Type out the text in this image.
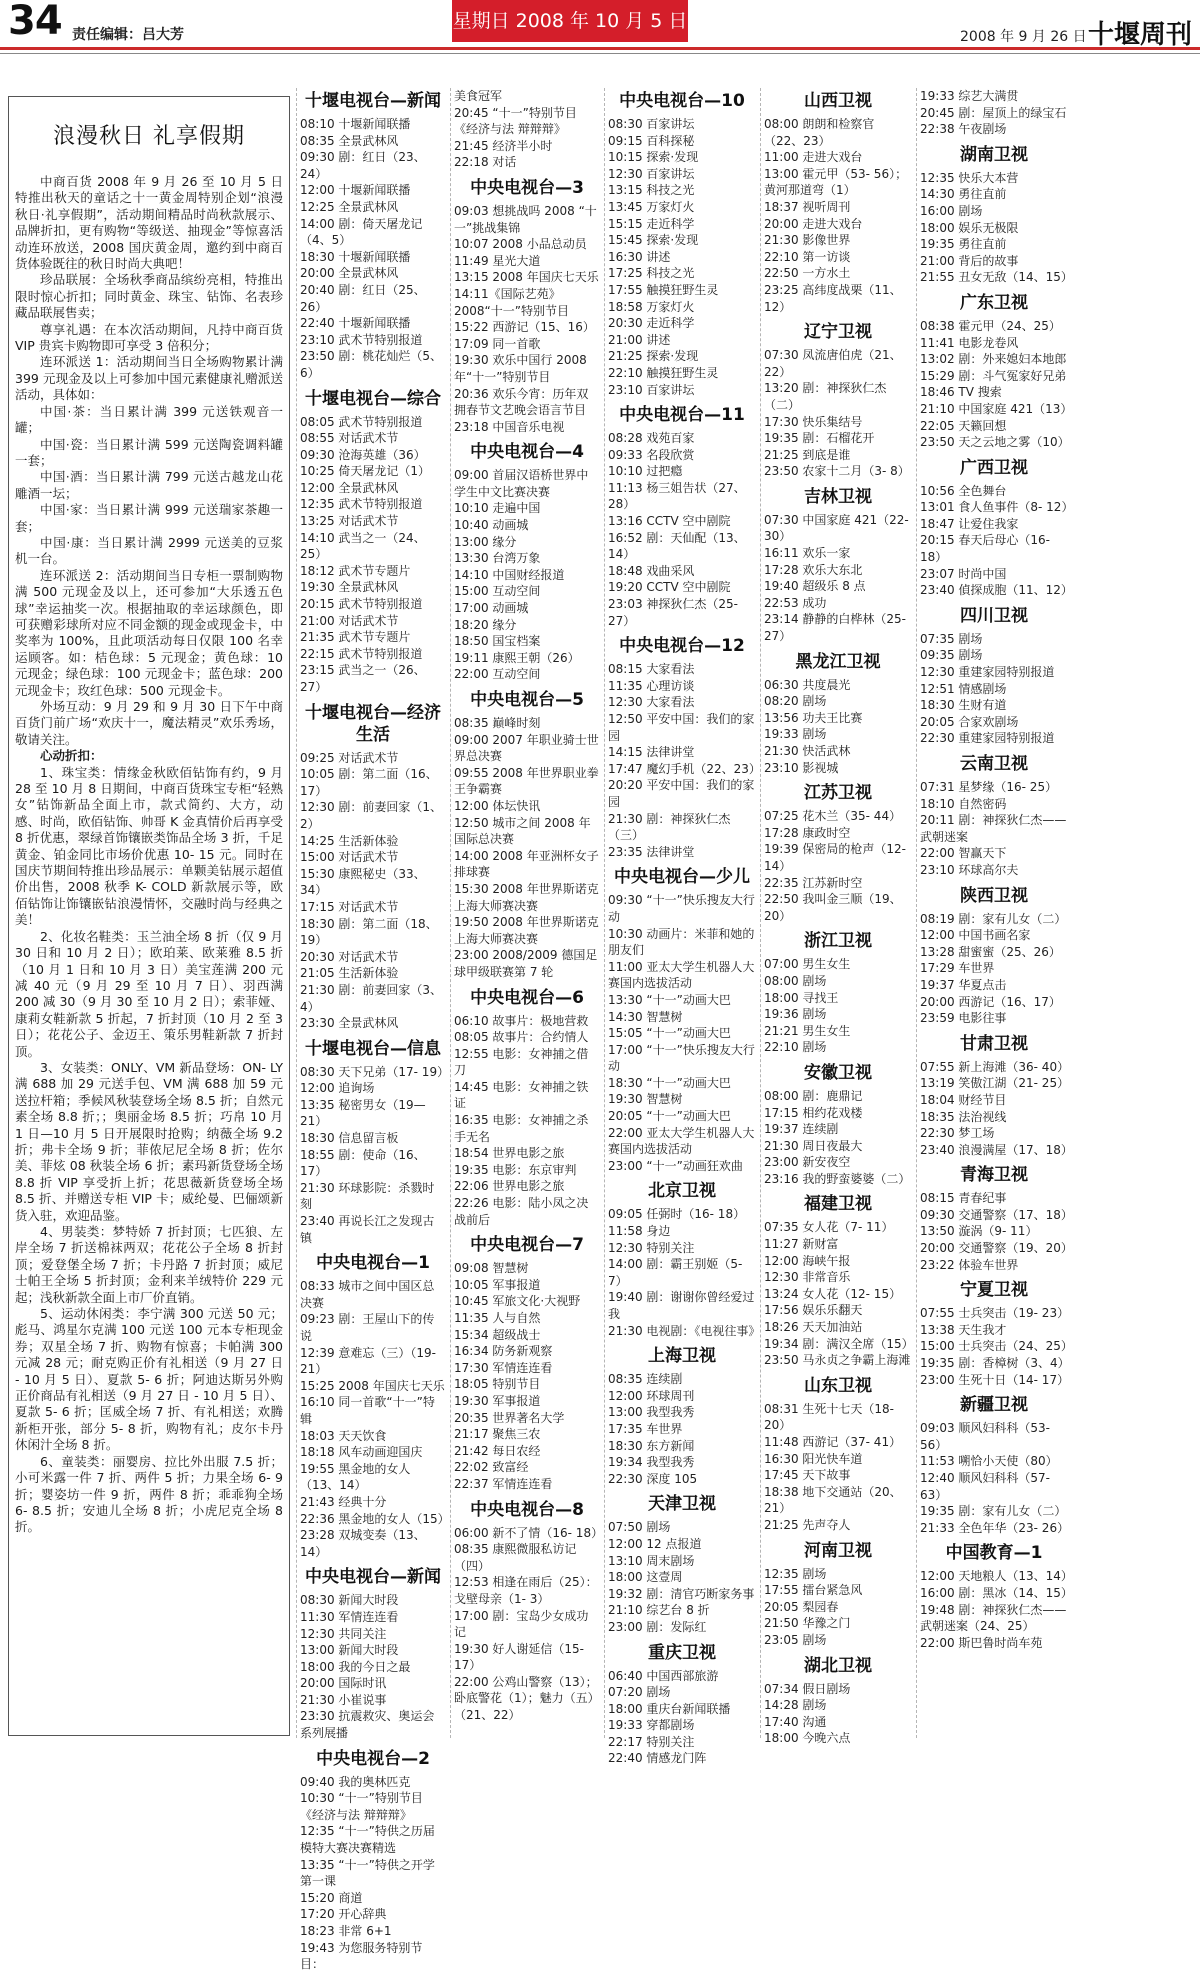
34 责任编辑：吕大芳
星期日 2008 年 10 月 5 日
2008 年 9 月 26 日 十堰周刊
浪漫秋日 礼享假期

中商百货 2008 年 9 月 26 至 10 月 5 日特推出秋天的童话之十一黄金周特别企划“浪漫秋日·礼享假期”，活动期间精品时尚秋款展示、品牌折扣，更有购物“等级送、抽现金”等惊喜活动连环放送，2008 国庆黄金周，邀约到中商百货体验既往的秋日时尚大典吧！

珍品联展：全场秋季商品缤纷亮相，特推出限时惊心折扣；同时黄金、珠宝、钻饰、名表珍藏品联展售卖；

尊享礼遇：在本次活动期间，凡持中商百货 VIP 贵宾卡购物即可享受 3 倍积分；

连环派送 1：活动期间当日全场购物累计满 399 元现金及以上可参加中国元素健康礼赠派送活动，具体如：

中国·茶：当日累计满 399 元送铁观音一罐；

中国·瓷：当日累计满 599 元送陶瓷调料罐一套；

中国·酒：当日累计满 799 元送古越龙山花雕酒一坛；

中国·家：当日累计满 999 元送瑞家茶趣一套；

中国·康：当日累计满 2999 元送美的豆浆机一台。

连环派送 2：活动期间当日专柜一票制购物满 500 元现金及以上，还可参加“大乐透五色球”幸运抽奖一次。根据抽取的幸运球颜色，即可获赠彩球所对应不同金额的现金或现金卡，中奖率为 100%，且此项活动每日仅限 100 名幸运顾客。如：桔色球：5 元现金；黄色球：10 元现金；绿色球：100 元现金卡；蓝色球：200 元现金卡；玫红色球：500 元现金卡。

外场互动：9 月 29 和 9 月 30 日下午中商百货门前广场“欢庆十一，魔法精灵”欢乐秀场，敬请关注。

心动折扣：

1、珠宝类：情缘金秋欧佰钻饰有约，9 月 28 至 10 月 8 日期间，中商百货珠宝专柜“轻熟女”钻饰新品全面上市，款式简约、大方，动感、时尚，欧佰钻饰、帅哥 K 金真情价后再享受 8 折优惠，翠绿首饰镶嵌类饰品全场 3 折，千足黄金、铂金同比市场价优惠 10- 15 元。同时在国庆节期间特推出珍品展示：单颗美钻展示超值价出售，2008 秋季 K- COLD 新款展示等，欧佰钻饰让饰镶嵌钻浪漫情怀，交融时尚与经典之美！

2、化妆名鞋类：玉兰油全场 8 折（仅 9 月 30 日和 10 月 2 日）；欧珀莱、欧莱雅 8.5 折（10 月 1 日和 10 月 3 日）美宝莲满 200 元减 40 元（9 月 29 至 10 月 7 日）、羽西满 200 减 30（9 月 30 至 10 月 2 日）；索菲娅、康莉女鞋新款 5 折起，7 折封顶（10 月 2 至 3 日）；花花公子、金迈王、策乐男鞋新款 7 折封顶。

3、女装类：ONLY、VM 新品登场：ON- LY 满 688 加 29 元送手包、VM 满 688 加 59 元送拉杆箱；季候风秋装登场全场 8.5 折；自然元素全场 8.8 折；；奥丽金场 8.5 折；巧帛 10 月 1 日—10 月 5 日开展限时抢购；纳薇全场 9.2 折；弗卡全场 9 折；菲侬尼尼全场 8 折；佐尔美、菲炫 08 秋装全场 6 折；素玛新货登场全场 8.8 折 VIP 享受折上折；花思薇新货登场全场 8.5 折、并赠送专柜 VIP 卡；威纶曼、巴俪颂新货入驻，欢迎品鉴。

4、男装类：梦特娇 7 折封顶；七匹狼、左岸全场 7 折送棉袜两双；花花公子全场 8 折封顶；爱登堡全场 7 折；卡丹路 7 折封顶；威尼士帕王全场 5 折封顶；金利来羊绒特价 229 元起；浅秋新款全面上市厂价直销。

5、运动休闲类：李宁满 300 元送 50 元；彪马、鸿星尔克满 100 元送 100 元本专柜现金券；双星全场 7 折、购物有惊喜；卡帕满 300 元减 28 元；耐克购正价有礼相送（9 月 27 日 - 10 月 5 日）、夏款 5- 6 折；阿迪达斯另外购正价商品有礼相送（9 月 27 日 - 10 月 5 日）、夏款 5- 6 折；匡威全场 7 折、有礼相送；欢腾新柜开张，部分 5- 8 折，购物有礼；皮尔卡丹休闲汁全场 8 折。

6、童装类：丽婴房、拉比外出服 7.5 折；小可米露一件 7 折、两件 5 折；力果全场 6- 9 折；婴姿坊一件 9 折，两件 8 折；乖乖狗全场 6- 8.5 折；安迪儿全场 8 折；小虎尼克全场 8 折。

十堰电视台—新闻
08:10 十堰新闻联播
08:35 全景武林风
09:30 剧：红日（23、24）
12:00 十堰新闻联播
12:25 全景武林风
14:00 剧：倚天屠龙记（4、5）
18:30 十堰新闻联播
20:00 全景武林风
20:40 剧：红日（25、26）
22:40 十堰新闻联播
23:10 武术节特别报道
23:50 剧：桃花灿烂（5、6）
十堰电视台—综合
08:05 武术节特别报道
08:55 对话武术节
09:30 沧海英雄（36）
10:25 倚天屠龙记（1）
12:00 全景武林风
12:35 武术节特别报道
13:25 对话武术节
14:10 武当之一（24、25）
18:12 武术节专题片
19:30 全景武林风
20:15 武术节特别报道
21:00 对话武术节
21:35 武术节专题片
22:15 武术节特别报道
23:15 武当之一（26、27）
十堰电视台—经济生活
09:25 对话武术节
10:05 剧：第二面（16、17）
12:30 剧：前妻回家（1、2）
14:25 生活新体验
15:00 对话武术节
15:30 康熙秘史（33、34）
17:15 对话武术节
18:30 剧：第二面（18、19）
20:30 对话武术节
21:05 生活新体验
21:30 剧：前妻回家（3、4）
23:30 全景武林风
十堰电视台—信息
08:30 天下兄弟（17- 19）
12:00 追询场
13:35 秘密男女（19—21）
18:30 信息留言板
18:55 剧：使命（16、17）
21:30 环球影院：杀戮时刻
23:40 再说长江之发现古镇
中央电视台—1
08:33 城市之间中国区总决赛
09:23 剧：王屋山下的传说
12:39 意难忘（三）（19- 21）
15:25 2008 年国庆七天乐
16:10 同一首歌“十一”特辑
18:03 天天饮食
18:18 风车动画迎国庆
19:55 黑金地的女人（13、14）
21:43 经典十分
22:36 黑金地的女人（15）
23:28 双城变奏（13、14）
中央电视台—新闻
08:30 新闻大时段
11:30 军情连连看
12:30 共同关注
13:00 新闻大时段
18:00 我的今日之最
20:00 国际时讯
21:30 小崔说事
23:30 抗震救灾、奥运会系列展播
中央电视台—2
09:40 我的奥林匹克
10:30 “十一”特别节目《经济与法 辩辩辩》
12:35 “十一”特供之历届模特大赛决赛精选
13:35 “十一”特供之开学第一课
15:20 商道
17:20 开心辞典
18:23 非常 6+1
19:43 为您服务特别节目：
美食冠军
20:45 “十一”特别节目《经济与法 辩辩辩》
21:45 经济半小时
22:18 对话
中央电视台—3
09:03 想挑战吗 2008 “十一”挑战集锦
10:07 2008 小品总动员
11:49 星光大道
13:15 2008 年国庆七天乐
14:11《国际艺苑》2008“十一”特别节目
15:22 西游记（15、16）
17:09 同一首歌
19:30 欢乐中国行 2008 年“十一”特别节目
20:36 欢乐今宵：历年双拥春节文艺晚会语言节目
23:18 中国音乐电视
中央电视台—4
09:00 首届汉语桥世界中学生中文比赛决赛
10:10 走遍中国
10:40 动画城
13:00 缘分
13:30 台湾万象
14:10 中国财经报道
15:00 互动空间
17:00 动画城
18:20 缘分
18:50 国宝档案
19:11 康熙王朝（26）
22:00 互动空间
中央电视台—5
08:35 巅峰时刻
09:00 2007 年职业骑士世界总决赛
09:55 2008 年世界职业拳王争霸赛
12:00 体坛快讯
12:50 城市之间 2008 年国际总决赛
14:00 2008 年亚洲杯女子排球赛
15:30 2008 年世界斯诺克上海大师赛决赛
19:50 2008 年世界斯诺克上海大师赛决赛
23:00 2008/2009 德国足球甲级联赛第 7 轮
中央电视台—6
06:10 故事片：极地营救
08:05 故事片：合约情人
12:55 电影：女神捕之借刀
14:45 电影：女神捕之铁证
16:35 电影：女神捕之杀手无名
18:54 世界电影之旅
19:35 电影：东京审判
22:06 世界电影之旅
22:26 电影：陆小凤之决战前后
中央电视台—7
09:08 智慧树
10:05 军事报道
10:45 军旅文化·大视野
11:35 人与自然
15:34 超级战士
16:34 防务新观察
17:30 军情连连看
18:05 特别节目
19:30 军事报道
20:35 世界著名大学
21:17 聚焦三农
21:42 每日农经
22:02 致富经
22:37 军情连连看
中央电视台—8
06:00 新不了情（16- 18）
08:35 康熙微服私访记（四）
12:53 相逢在雨后（25）：戈壁母亲（1- 3）
17:00 剧：宝岛少女成功记
19:30 好人谢延信（15- 17）
22:00 公鸡山警察（13）；卧底警花（1）；魅力（五）（21、22）
中央电视台—10
08:30 百家讲坛
09:15 百科探秘
10:15 探索·发现
12:30 百家讲坛
13:15 科技之光
13:45 万家灯火
15:15 走近科学
15:45 探索·发现
16:30 讲述
17:25 科技之光
17:55 触摸狂野生灵
18:58 万家灯火
20:30 走近科学
21:00 讲述
21:25 探索·发现
22:10 触摸狂野生灵
23:10 百家讲坛
中央电视台—11
08:28 戏苑百家
09:33 名段欣赏
10:10 过把瘾
11:13 杨三姐告状（27、28）
13:16 CCTV 空中剧院
16:52 剧：天仙配（13、14）
18:48 戏曲采风
19:20 CCTV 空中剧院
23:03 神探狄仁杰（25- 27）
中央电视台—12
08:15 大家看法
11:35 心理访谈
12:30 大家看法
12:50 平安中国：我们的家园
14:15 法律讲堂
17:47 魔幻手机（22、23）
20:20 平安中国：我们的家园
21:30 剧：神探狄仁杰（三）
23:35 法律讲堂
中央电视台—少儿
09:30 “十一”快乐搜友大行动
10:30 动画片：米菲和她的朋友们
11:00 亚太大学生机器人大赛国内选拔活动
13:30 “十一”动画大巴
14:30 智慧树
15:05 “十一”动画大巴
17:00 “十一”快乐搜友大行动
18:30 “十一”动画大巴
19:30 智慧树
20:05 “十一”动画大巴
22:00 亚太大学生机器人大赛国内选拔活动
23:00 “十一”动画狂欢曲
北京卫视
09:05 任弼时（16- 18）
11:58 身边
12:30 特别关注
14:00 剧：霸王别姬（5- 7）
19:40 剧：谢谢你曾经爱过我
21:30 电视剧：《电视往事》
上海卫视
08:35 连续剧
12:00 环球周刊
13:00 我型我秀
17:35 车世界
18:30 东方新闻
19:34 我型我秀
22:30 深度 105
天津卫视
07:50 剧场
12:00 12 点报道
13:10 周末剧场
18:00 这壹周
19:32 剧：清官巧断家务事
21:10 综艺台 8 折
23:00 剧：发际红
重庆卫视
06:40 中国西部旅游
07:20 剧场
18:00 重庆台新闻联播
19:33 穿都剧场
22:17 特别关注
22:40 情感龙门阵
山西卫视
08:00 朗朗和检察官（22、23）
11:00 走进大戏台
13:00 霍元甲（53- 56）；黄河那道弯（1）
18:37 视听周刊
20:00 走进大戏台
21:30 影像世界
22:10 第一访谈
22:50 一方水土
23:25 高纬度战栗（11、12）
辽宁卫视
07:30 凤流唐伯虎（21、22）
13:20 剧：神探狄仁杰（二）
17:30 快乐集结号
19:35 剧：石榴花开
21:25 到底是谁
23:50 农家十二月（3- 8）
吉林卫视
07:30 中国家庭 421（22- 30）
16:11 欢乐一家
17:28 欢乐大东北
19:40 超级乐 8 点
22:53 成功
23:14 静静的白桦林（25- 27）
黑龙江卫视
06:30 共度晨光
08:20 剧场
13:56 功夫王比赛
19:33 剧场
21:30 快活武林
23:10 影视城
江苏卫视
07:25 花木兰（35- 44）
17:28 康政时空
19:39 保密局的枪声（12- 14）
22:35 江苏新时空
22:50 我叫金三顺（19、20）
浙江卫视
07:00 男生女生
08:00 剧场
18:00 寻找王
19:36 剧场
21:21 男生女生
22:10 剧场
安徽卫视
08:00 剧：鹿鼎记
17:15 相约花戏楼
19:37 连续剧
21:30 周日夜最大
23:00 新安夜空
23:16 我的野蛮婆婆（二）
福建卫视
07:35 女人花（7- 11）
11:27 新财富
12:00 海峡午报
12:30 非常音乐
13:24 女人花（12- 15）
17:56 娱乐乐翻天
18:26 天天加油站
19:34 剧：满汉全席（15）
23:50 马永贞之争霸上海滩
山东卫视
08:31 生死十七天（18- 20）
11:48 西游记（37- 41）
16:30 阳光快车道
17:45 天下故事
18:38 地下交通站（20、21）
21:25 先声夺人
河南卫视
12:35 剧场
17:55 擂台紧急风
20:05 梨园春
21:50 华豫之门
23:05 剧场
湖北卫视
07:34 假日剧场
14:28 剧场
17:40 沟通
18:00 今晚六点
19:33 综艺大满贯
20:45 剧：屋顶上的绿宝石
22:38 午夜剧场
湖南卫视
12:35 快乐大本营
14:30 勇往直前
16:00 剧场
18:00 娱乐无极限
19:35 勇往直前
21:00 背后的故事
21:55 丑女无敌（14、15）
广东卫视
08:38 霍元甲（24、25）
11:41 电影龙卷风
13:02 剧：外来媳妇本地郎
15:29 剧：斗气冤家好兄弟
18:46 TV 搜索
21:10 中国家庭 421（13）
22:05 天籁回想
23:50 天之云地之雾（10）
广西卫视
10:56 全色舞台
13:01 食人鱼事件（8- 12）
18:47 让爱住我家
20:15 春天后母心（16- 18）
23:07 时尚中国
23:40 偵探成胞（11、12）
四川卫视
07:35 剧场
09:35 剧场
12:30 重建家园特别报道
12:51 情感剧场
18:30 生财有道
20:05 合家欢剧场
22:30 重建家园特别报道
云南卫视
07:31 星梦缘（16- 25）
18:10 自然密码
20:11 剧：神探狄仁杰——武朝迷案
22:00 智赢天下
23:10 环球高尔夫
陕西卫视
08:19 剧：家有儿女（二）
12:00 中国书画名家
13:28 甜蜜蜜（25、26）
17:29 车世界
19:37 华夏点击
20:00 西游记（16、17）
23:59 电影往事
甘肃卫视
07:55 新上海滩（36- 40）
13:19 笑傲江湖（21- 25）
18:04 财经节目
18:35 法治视线
22:30 梦工场
23:40 浪漫满屋（17、18）
青海卫视
08:15 青春纪事
09:30 交通警察（17、18）
13:50 漩涡（9- 11）
20:00 交通警察（19、20）
23:22 体验车世界
宁夏卫视
07:55 士兵突击（19- 23）
13:38 天生我才
15:00 士兵突击（24、25）
19:35 剧：香樟树（3、4）
23:00 生死十日（14- 17）
新疆卫视
09:03 顺风妇科科（53- 56）
11:53 嗍恰小天使（80）
12:40 顺风妇科科（57- 63）
19:35 剧：家有儿女（二）
21:33 全色年华（23- 26）
中国教育—1
12:00 天地粮人（13、14）
16:00 剧：黑冰（14、15）
19:48 剧：神探狄仁杰——武朝迷案（24、25）
22:00 斯巴鲁时尚车苑
